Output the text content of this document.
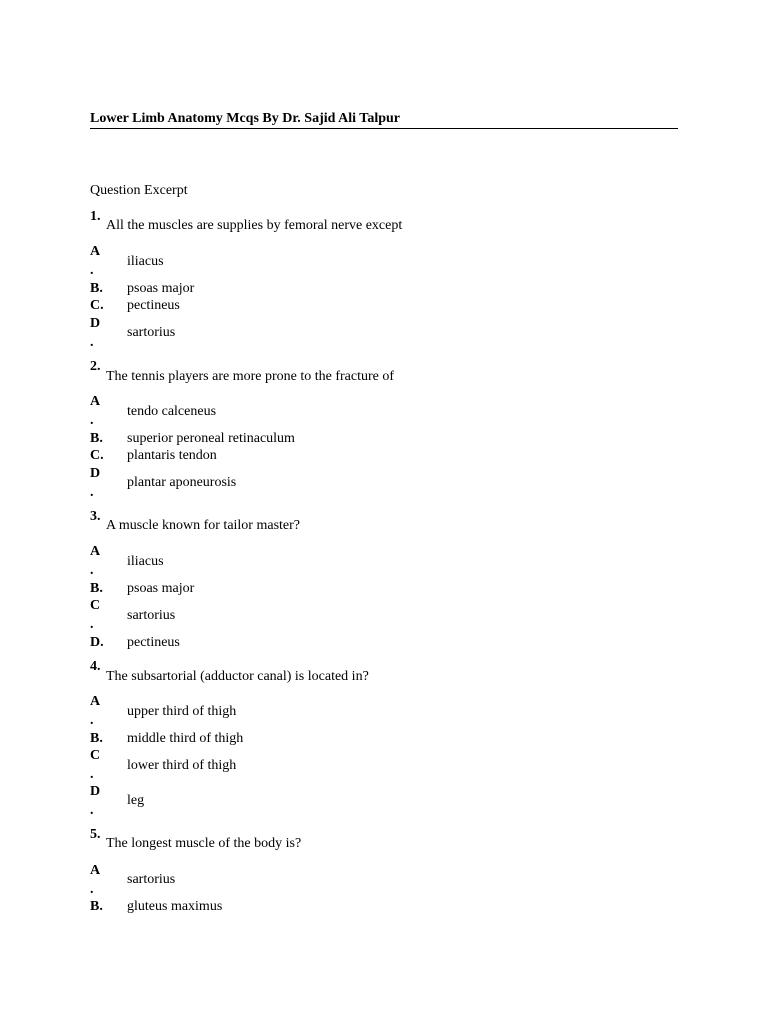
Lower Limb Anatomy Mcqs By Dr. Sajid Ali Talpur
Question Excerpt
1.
All the muscles are supplies by femoral nerve except
A
.
iliacus
B. psoas major
C. pectineus
D
.
sartorius
2.
The tennis players are more prone to the fracture of
A
.
tendo calceneus
B. superior peroneal retinaculum
C. plantaris tendon
D
.
plantar aponeurosis
3.
A muscle known for tailor master?
A
.
iliacus
B. psoas major
C
.
sartorius
D. pectineus
4.
The subsartorial (adductor canal) is located in?
A
.
upper third of thigh
B. middle third of thigh
C
.
lower third of thigh
D
.
leg
5.
The longest muscle of the body is?
A
.
sartorius
B. gluteus maximus
